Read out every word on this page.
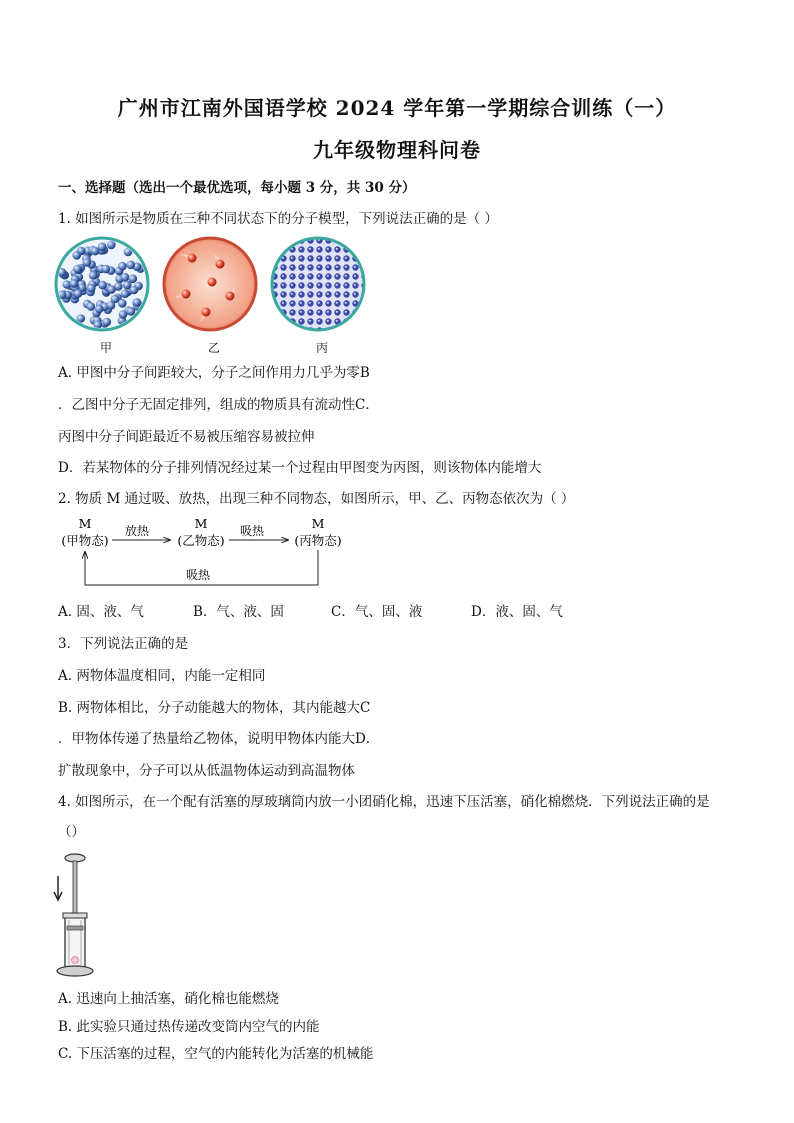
广州市江南外国语学校 2024 学年第一学期综合训练（一）
九年级物理科问卷
一、选择题（选出一个最优选项，每小题 3 分，共 30 分）
1. 如图所示是物质在三种不同状态下的分子模型，下列说法正确的是（ ）
甲	乙	丙
A. 甲图中分子间距较大，分子之间作用力几乎为零B
．乙图中分子无固定排列，组成的物质具有流动性C．
丙图中分子间距最近不易被压缩容易被拉伸
D．若某物体的分子排列情况经过某一个过程由甲图变为丙图，则该物体内能增大
2. 物质 M 通过吸、放热，出现三种不同物态，如图所示，甲、乙、丙物态依次为（ ）
M
(甲物态)
M
(乙物态)
M
(丙物态)
放热	吸热
吸热
A. 固、液、气	B．气、液、固	C．气、固、液	D．液、固、气
3．下列说法正确的是
A. 两物体温度相同，内能一定相同
B. 两物体相比，分子动能越大的物体，其内能越大C
．甲物体传递了热量给乙物体，说明甲物体内能大D．
扩散现象中，分子可以从低温物体运动到高温物体
4. 如图所示，在一个配有活塞的厚玻璃筒内放一小团硝化棉，迅速下压活塞，硝化棉燃烧．下列说法正确的是
（）
A. 迅速向上抽活塞，硝化棉也能燃烧
B. 此实验只通过热传递改变筒内空气的内能
C. 下压活塞的过程，空气的内能转化为活塞的机械能
